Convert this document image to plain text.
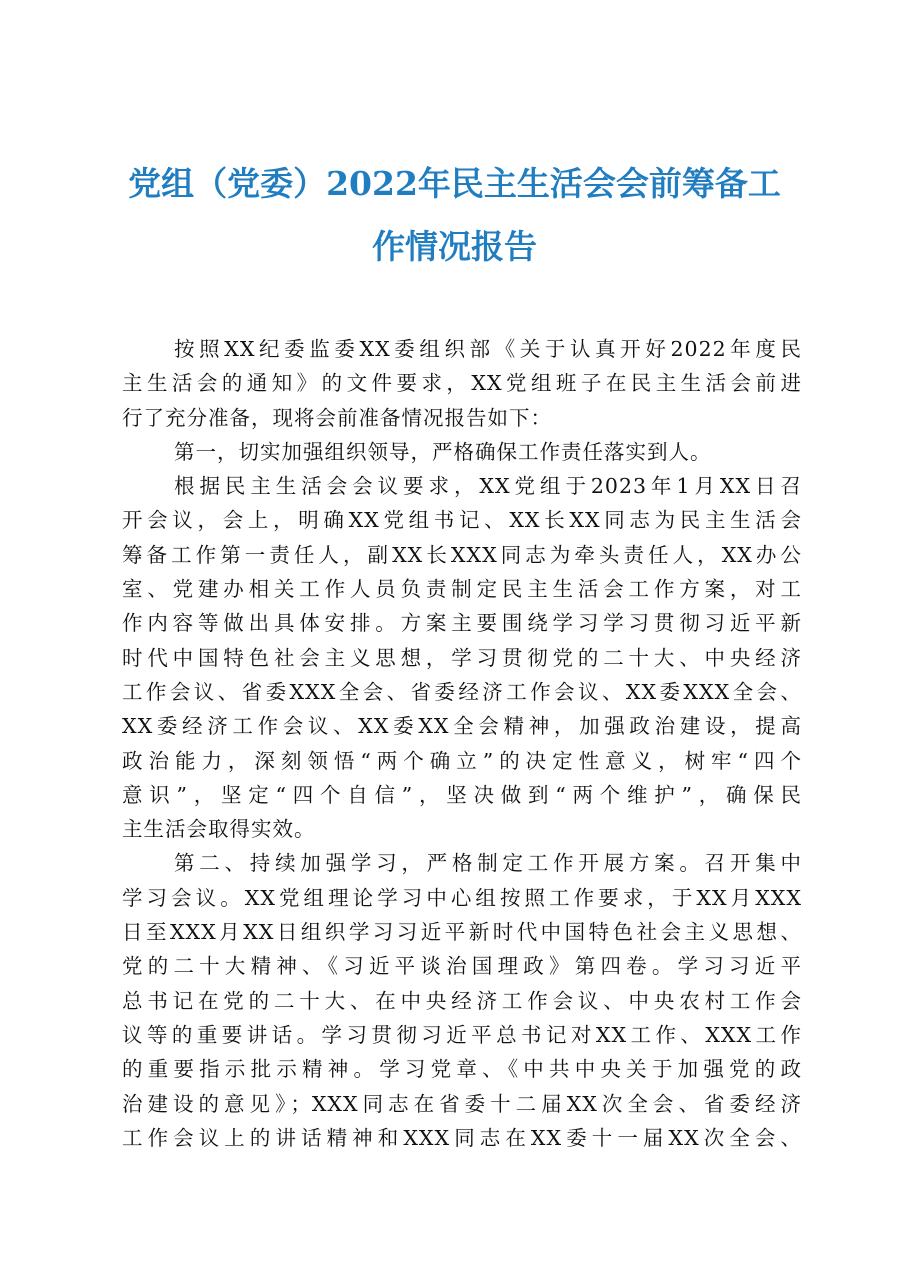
党组（党委）2022年民主生活会会前筹备工
作情况报告
按照XX纪委监委XX委组织部《关于认真开好2022年度民
主生活会的通知》的文件要求，XX党组班子在民主生活会前进
行了充分准备，现将会前准备情况报告如下：
第一，切实加强组织领导，严格确保工作责任落实到人。
根据民主生活会会议要求，XX党组于2023年1月XX日召
开会议，会上，明确XX党组书记、XX长XX同志为民主生活会
筹备工作第一责任人，副XX长XXX同志为牵头责任人，XX办公
室、党建办相关工作人员负责制定民主生活会工作方案，对工
作内容等做出具体安排。方案主要围绕学习学习贯彻习近平新
时代中国特色社会主义思想，学习贯彻党的二十大、中央经济
工作会议、省委XXX全会、省委经济工作会议、XX委XXX全会、
XX委经济工作会议、XX委XX全会精神，加强政治建设，提高
政治能力，深刻领悟“两个确立”的决定性意义，树牢“四个
意识”，坚定“四个自信”，坚决做到“两个维护”，确保民
主生活会取得实效。
第二、持续加强学习，严格制定工作开展方案。召开集中
学习会议。XX党组理论学习中心组按照工作要求，于XX月XXX
日至XXX月XX日组织学习习近平新时代中国特色社会主义思想、
党的二十大精神、《习近平谈治国理政》第四卷。学习习近平
总书记在党的二十大、在中央经济工作会议、中央农村工作会
议等的重要讲话。学习贯彻习近平总书记对XX工作、XXX工作
的重要指示批示精神。学习党章、《中共中央关于加强党的政
治建设的意见》；XXX同志在省委十二届XX次全会、省委经济
工作会议上的讲话精神和XXX同志在XX委十一届XX次全会、
